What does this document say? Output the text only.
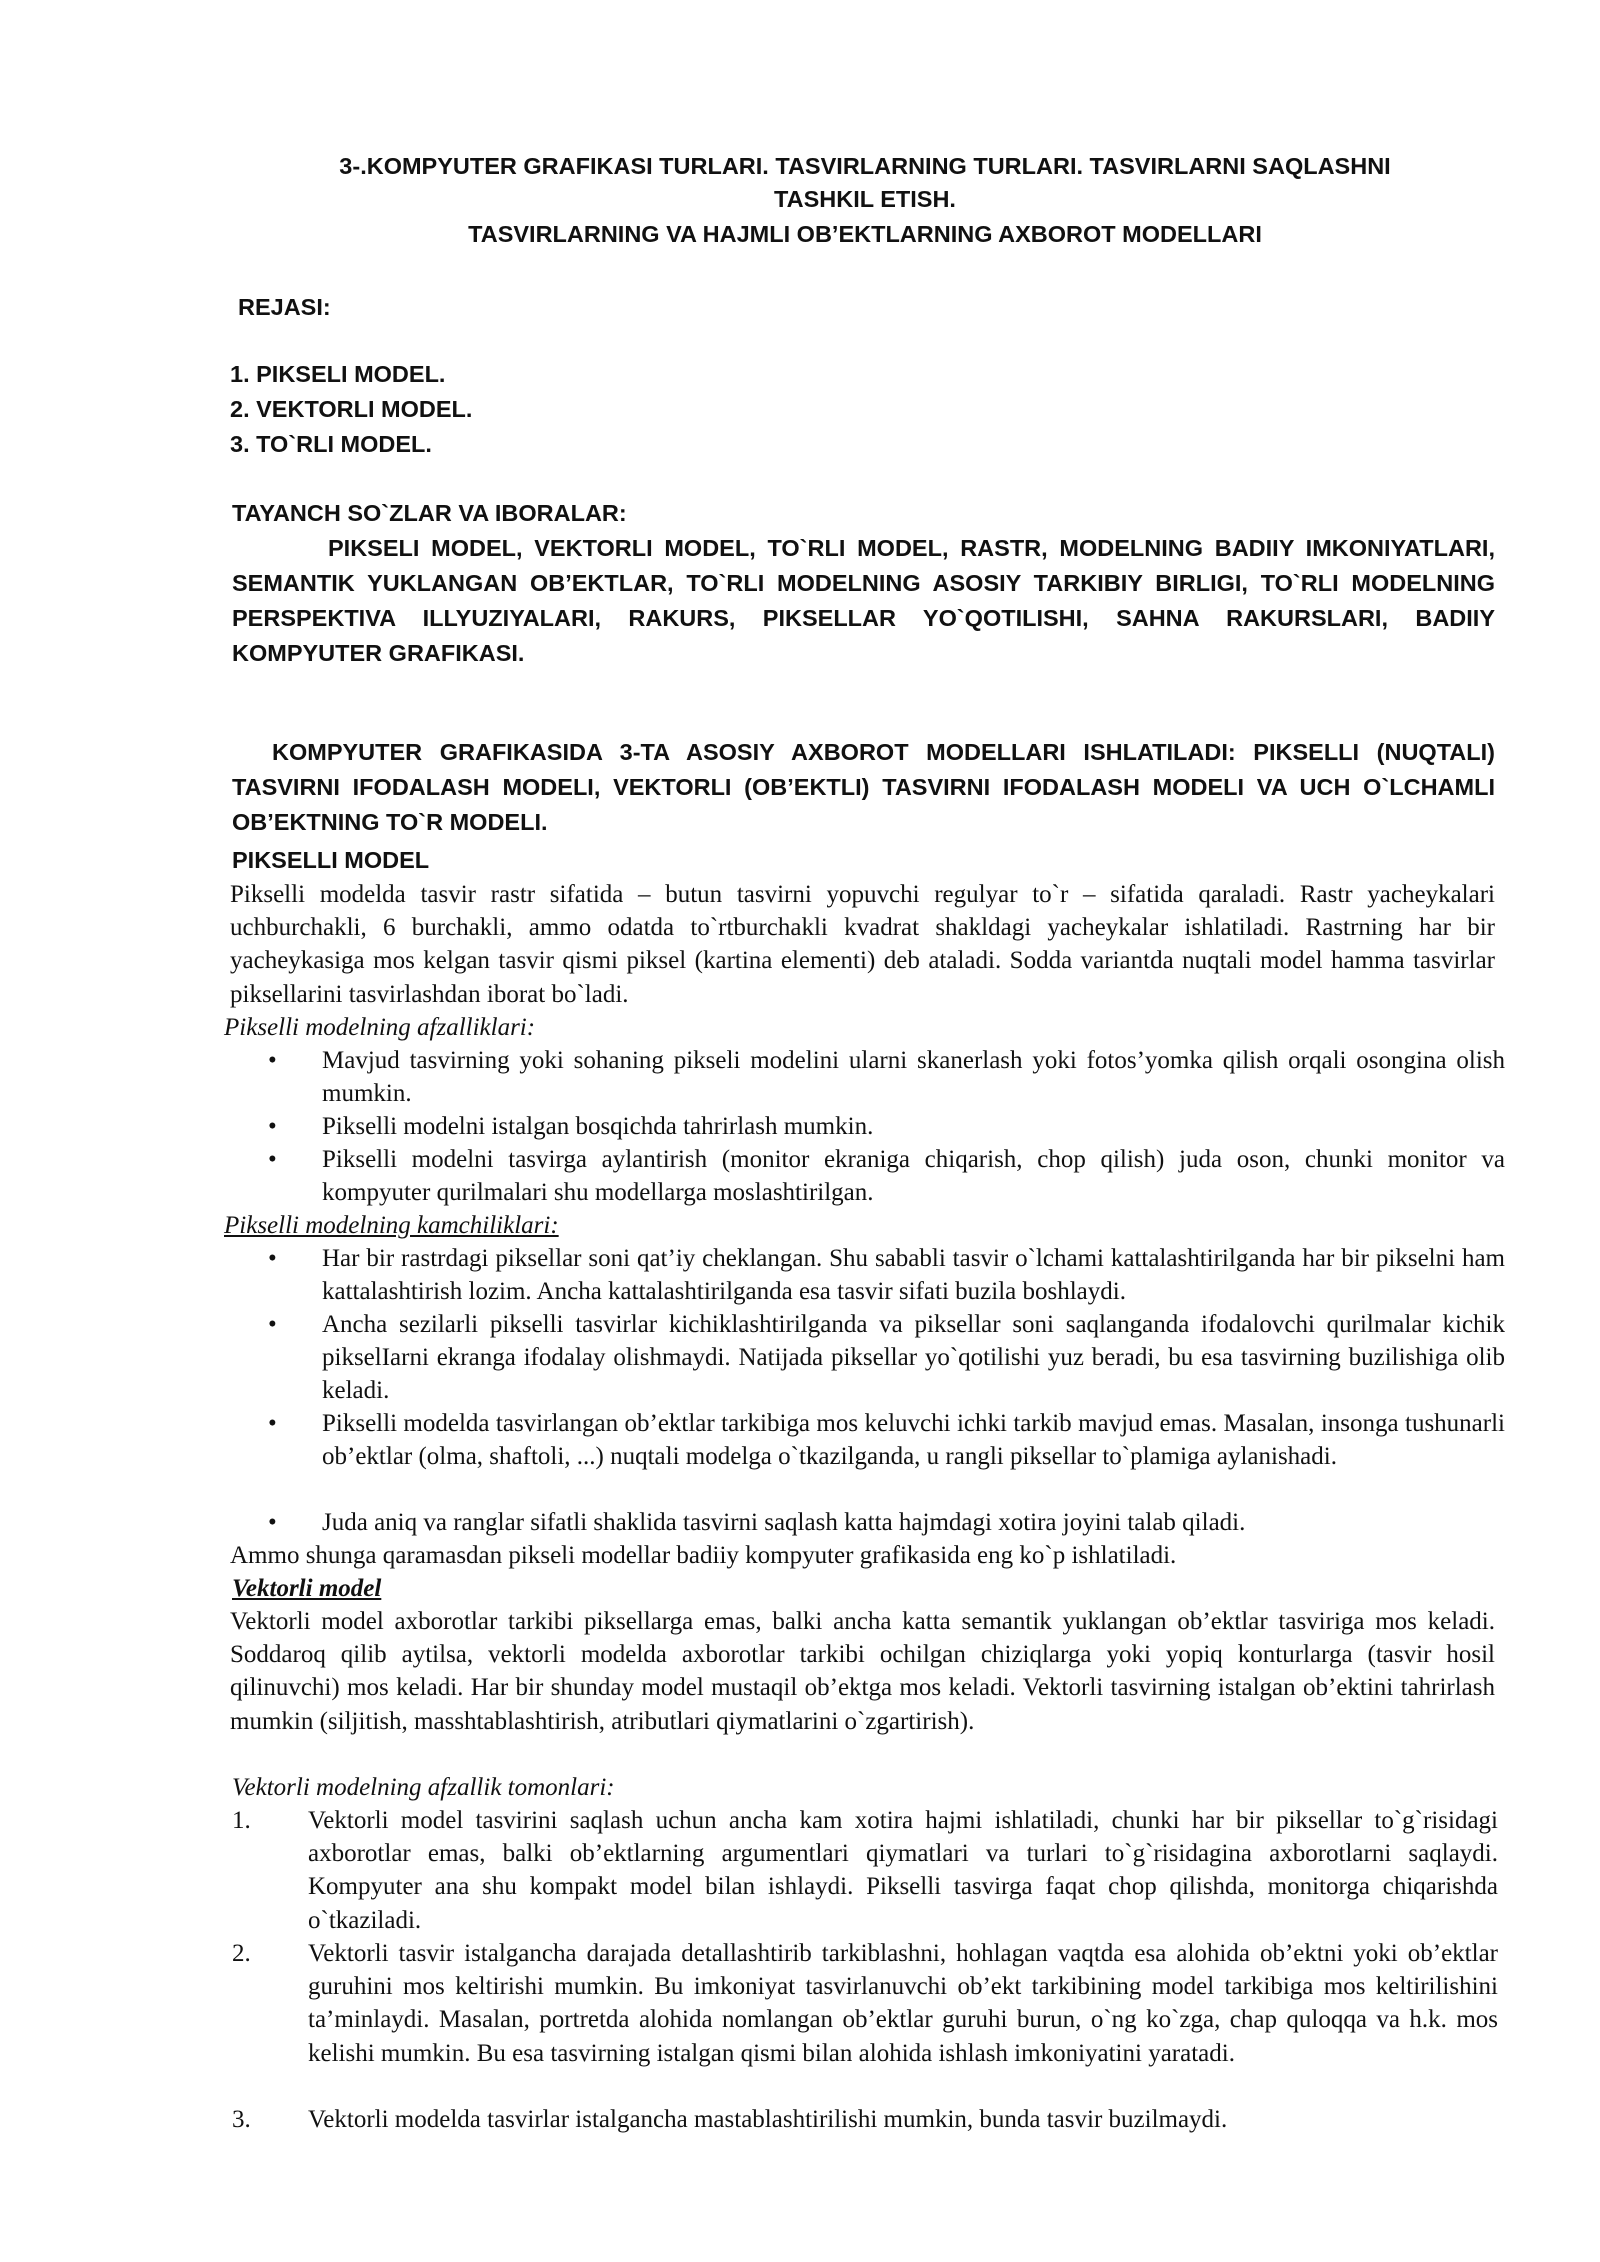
3-.KOMPYUTER GRAFIKASI TURLARI. TASVIRLARNING TURLARI. TASVIRLARNI SAQLASHNI
TASHKIL ETISH.
TASVIRLARNING VA HAJMLI OB’EKTLARNING AXBOROT MODELLARI
REJASI:
1. PIKSELI MODEL.
2. VEKTORLI MODEL.
3. TO`RLI MODEL.
TAYANCH SO`ZLAR VA IBORALAR:
PIKSELI MODEL, VEKTORLI MODEL, TO`RLI MODEL, RASTR, MODELNING BADIIY IMKONIYATLARI, SEMANTIK YUKLANGAN OB’EKTLAR, TO`RLI MODELNING ASOSIY TARKIBIY BIRLIGI, TO`RLI MODELNING PERSPEKTIVA ILLYUZIYALARI, RAKURS, PIKSELLAR YO`QOTILISHI, SAHNA RAKURSLARI, BADIIY KOMPYUTER GRAFIKASI.
KOMPYUTER GRAFIKASIDA 3-TA ASOSIY AXBOROT MODELLARI ISHLATILADI: PIKSELLI (NUQTALI) TASVIRNI IFODALASH MODELI, VEKTORLI (OB’EKTLI) TASVIRNI IFODALASH MODELI VA UCH O`LCHAMLI OB’EKTNING TO`R MODELI.
PIKSELLI MODEL
Pikselli modelda tasvir rastr sifatida – butun tasvirni yopuvchi regulyar to`r – sifatida qaraladi. Rastr yacheykalari uchburchakli, 6 burchakli, ammo odatda to`rtburchakli kvadrat shakldagi yacheykalar ishlatiladi. Rastrning har bir yacheykasiga mos kelgan tasvir qismi piksel (kartina elementi) deb ataladi. Sodda variantda nuqtali model hamma tasvirlar piksellarini tasvirlashdan iborat bo`ladi.
Pikselli modelning afzalliklari:
• Mavjud tasvirning yoki sohaning pikseli modelini ularni skanerlash yoki fotos’yomka qilish orqali osongina olish mumkin.
• Pikselli modelni istalgan bosqichda tahrirlash mumkin.
• Pikselli modelni tasvirga aylantirish (monitor ekraniga chiqarish, chop qilish) juda oson, chunki monitor va kompyuter qurilmalari shu modellarga moslashtirilgan.
Pikselli modelning kamchiliklari:
• Har bir rastrdagi piksellar soni qat’iy cheklangan. Shu sababli tasvir o`lchami kattalashtirilganda har bir pikselni ham kattalashtirish lozim. Ancha kattalashtirilganda esa tasvir sifati buzila boshlaydi.
• Ancha sezilarli pikselli tasvirlar kichiklashtirilganda va piksellar soni saqlanganda ifodalovchi qurilmalar kichik pikselIarni ekranga ifodalay olishmaydi. Natijada piksellar yo`qotilishi yuz beradi, bu esa tasvirning buzilishiga olib keladi.
• Pikselli modelda tasvirlangan ob’ektlar tarkibiga mos keluvchi ichki tarkib mavjud emas. Masalan, insonga tushunarli ob’ektlar (olma, shaftoli, ...) nuqtali modelga o`tkazilganda, u rangli piksellar to`plamiga aylanishadi.
• Juda aniq va ranglar sifatli shaklida tasvirni saqlash katta hajmdagi xotira joyini talab qiladi.
Ammo shunga qaramasdan pikseli modellar badiiy kompyuter grafikasida eng ko`p ishlatiladi.
Vektorli model
Vektorli model axborotlar tarkibi piksellarga emas, balki ancha katta semantik yuklangan ob’ektlar tasviriga mos keladi. Soddaroq qilib aytilsa, vektorli modelda axborotlar tarkibi ochilgan chiziqlarga yoki yopiq konturlarga (tasvir hosil qilinuvchi) mos keladi. Har bir shunday model mustaqil ob’ektga mos keladi. Vektorli tasvirning istalgan ob’ektini tahrirlash mumkin (siljitish, masshtablashtirish, atributlari qiymatlarini o`zgartirish).
Vektorli modelning afzallik tomonlari:
1. Vektorli model tasvirini saqlash uchun ancha kam xotira hajmi ishlatiladi, chunki har bir piksellar to`g`risidagi axborotlar emas, balki ob’ektlarning argumentlari qiymatlari va turlari to`g`risidagina axborotlarni saqlaydi. Kompyuter ana shu kompakt model bilan ishlaydi. Pikselli tasvirga faqat chop qilishda, monitorga chiqarishda o`tkaziladi.
2. Vektorli tasvir istalgancha darajada detallashtirib tarkiblashni, hohlagan vaqtda esa alohida ob’ektni yoki ob’ektlar guruhini mos keltirishi mumkin. Bu imkoniyat tasvirlanuvchi ob’ekt tarkibining model tarkibiga mos keltirilishini ta’minlaydi. Masalan, portretda alohida nomlangan ob’ektlar guruhi burun, o`ng ko`zga, chap quloqqa va h.k. mos kelishi mumkin. Bu esa tasvirning istalgan qismi bilan alohida ishlash imkoniyatini yaratadi.
3. Vektorli modelda tasvirlar istalgancha mastablashtirilishi mumkin, bunda tasvir buzilmaydi.
